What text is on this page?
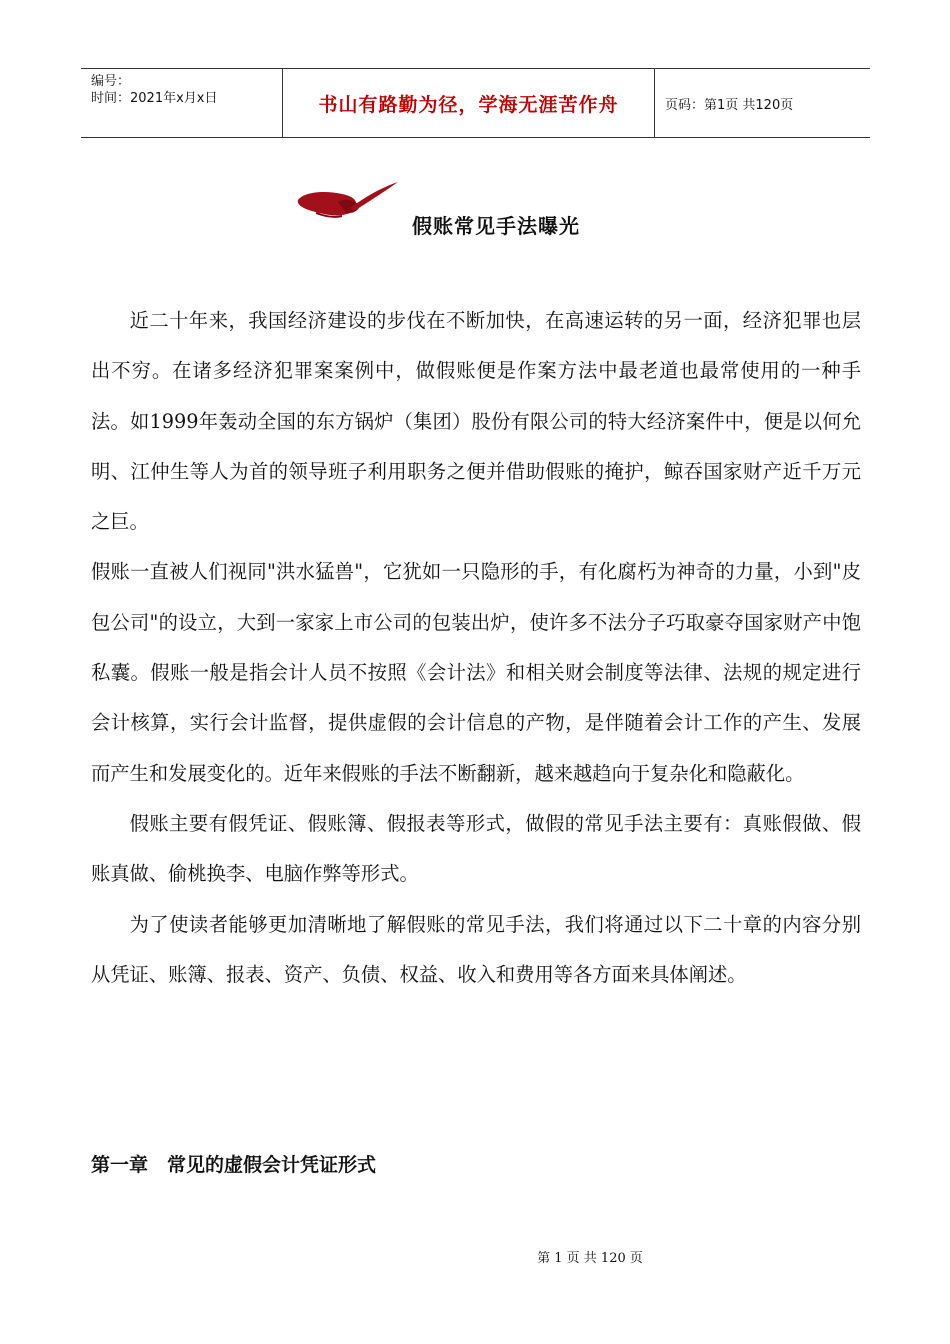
编号：
时间：2021年x月x日	书山有路勤为径，学海无涯苦作舟	页码：第1页 共120页
假账常见手法曝光

近二十年来，我国经济建设的步伐在不断加快，在高速运转的另一面，经济犯罪也层出不穷。在诸多经济犯罪案案例中，做假账便是作案方法中最老道也最常使用的一种手法。如1999年轰动全国的东方锅炉（集团）股份有限公司的特大经济案件中，便是以何允明、江仲生等人为首的领导班子利用职务之便并借助假账的掩护，鲸吞国家财产近千万元之巨。

假账一直被人们视同"洪水猛兽"，它犹如一只隐形的手，有化腐朽为神奇的力量，小到"皮包公司"的设立，大到一家家上市公司的包装出炉，使许多不法分子巧取豪夺国家财产中饱私囊。假账一般是指会计人员不按照《会计法》和相关财会制度等法律、法规的规定进行会计核算，实行会计监督，提供虚假的会计信息的产物，是伴随着会计工作的产生、发展而产生和发展变化的。近年来假账的手法不断翻新，越来越趋向于复杂化和隐蔽化。

假账主要有假凭证、假账簿、假报表等形式，做假的常见手法主要有：真账假做、假账真做、偷桃换李、电脑作弊等形式。

为了使读者能够更加清晰地了解假账的常见手法，我们将通过以下二十章的内容分别从凭证、账簿、报表、资产、负债、权益、收入和费用等各方面来具体阐述。

第一章　常见的虚假会计凭证形式
第 1 页 共 120 页
